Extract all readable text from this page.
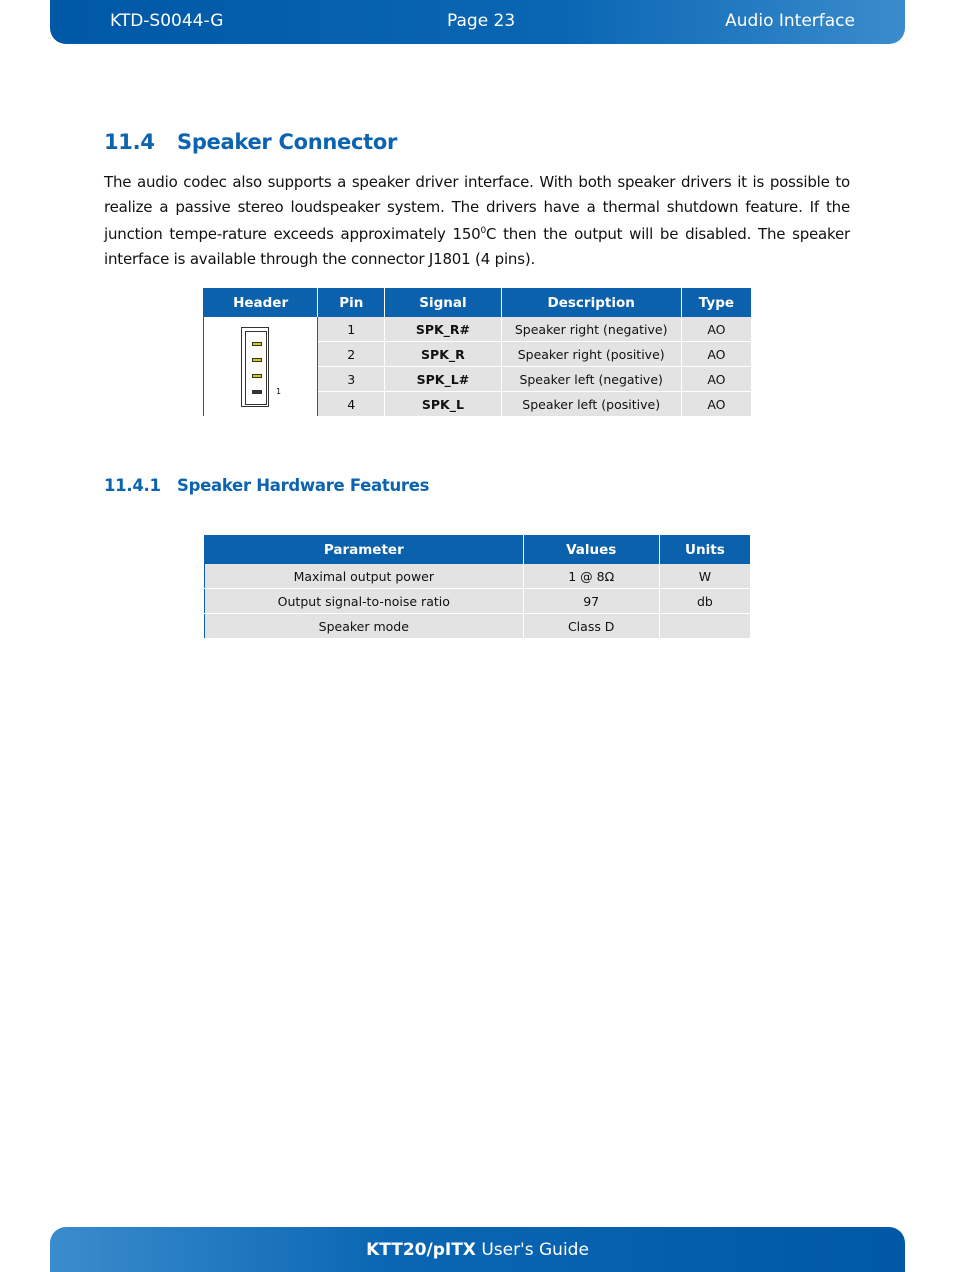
KTD-S0044-G	Page 23	Audio Interface
11.4 Speaker Connector
The audio codec also supports a speaker driver interface. With both speaker drivers it is possible to realize a passive stereo loudspeaker system. The drivers have a thermal shutdown feature. If the junction tempe-rature exceeds approximately $150^0C$ then the output will be disabled. The speaker interface is available through the connector J1801 (4 pins).
Header	Pin	Signal	Description	Type

1	1	SPK_R#	Speaker right (negative)	AO
	2	SPK_R	Speaker right (positive)	AO
	3	SPK_L#	Speaker left (negative)	AO
	4	SPK_L	Speaker left (positive)	AO
11.4.1 Speaker Hardware Features
Parameter	Values	Units
Maximal output power	1 @ 8Ω	W
Output signal-to-noise ratio	97	db
Speaker mode	Class D	
KTT20/pITX User's Guide
